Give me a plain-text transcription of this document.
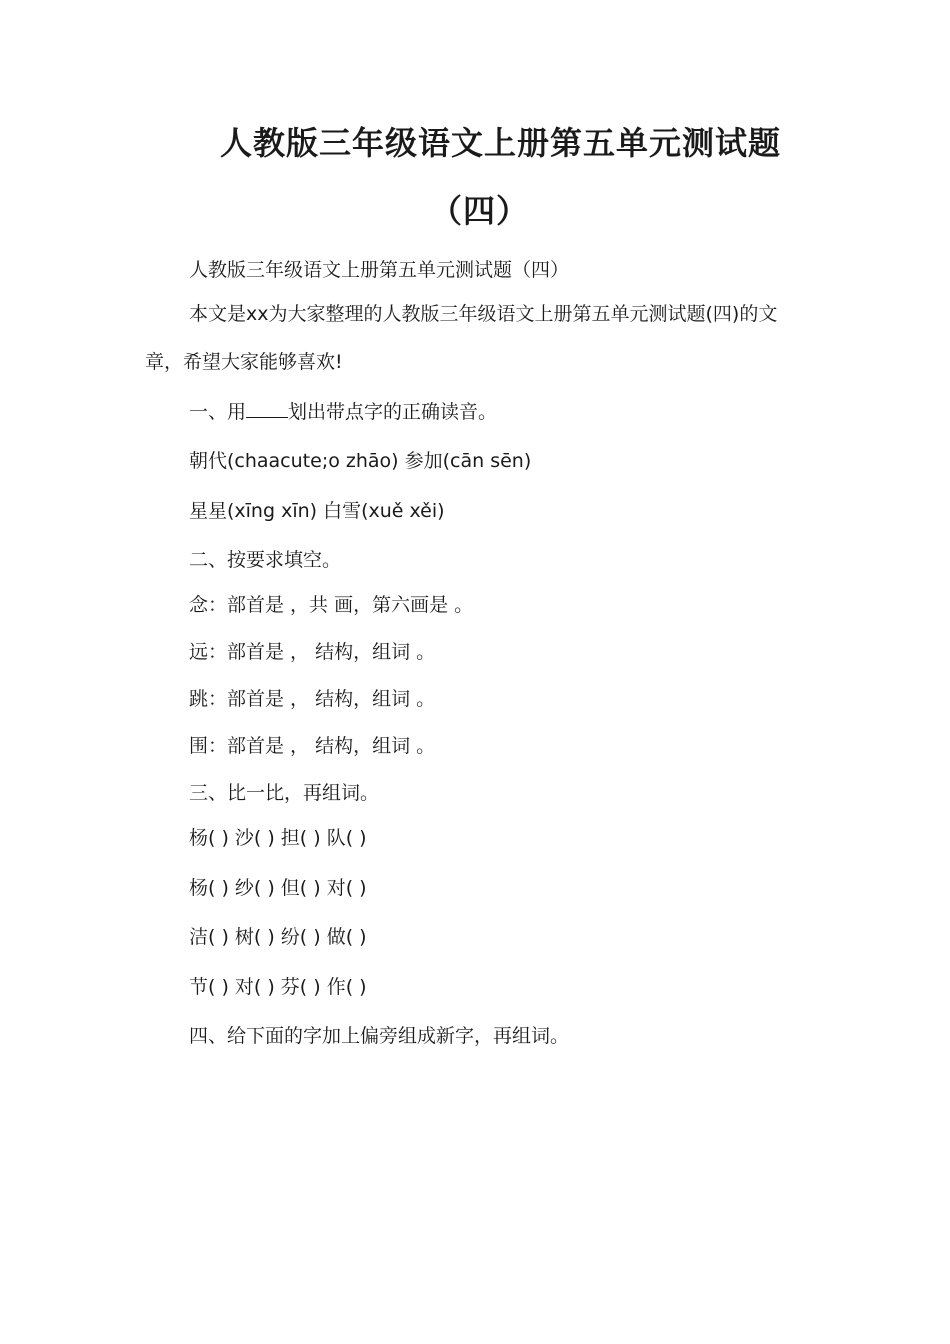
人教版三年级语文上册第五单元测试题
（四）

人教版三年级语文上册第五单元测试题（四）

本文是xx为大家整理的人教版三年级语文上册第五单元测试题(四)的文章，希望大家能够喜欢!

一、用 划出带点字的正确读音。

朝代(chaacute;o zhāo) 参加(cān sēn)

星星(xīng xīn) 白雪(xuě xěi)

二、按要求填空。

念：部首是 ，共 画，第六画是 。

远：部首是 ， 结构，组词 。

跳：部首是 ， 结构，组词 。

围：部首是 ， 结构，组词 。

三、比一比，再组词。

杨( ) 沙( ) 担( ) 队( )

杨( ) 纱( ) 但( ) 对( )

洁( ) 树( ) 纷( ) 做( )

节( ) 对( ) 芬( ) 作( )

四、给下面的字加上偏旁组成新字，再组词。
